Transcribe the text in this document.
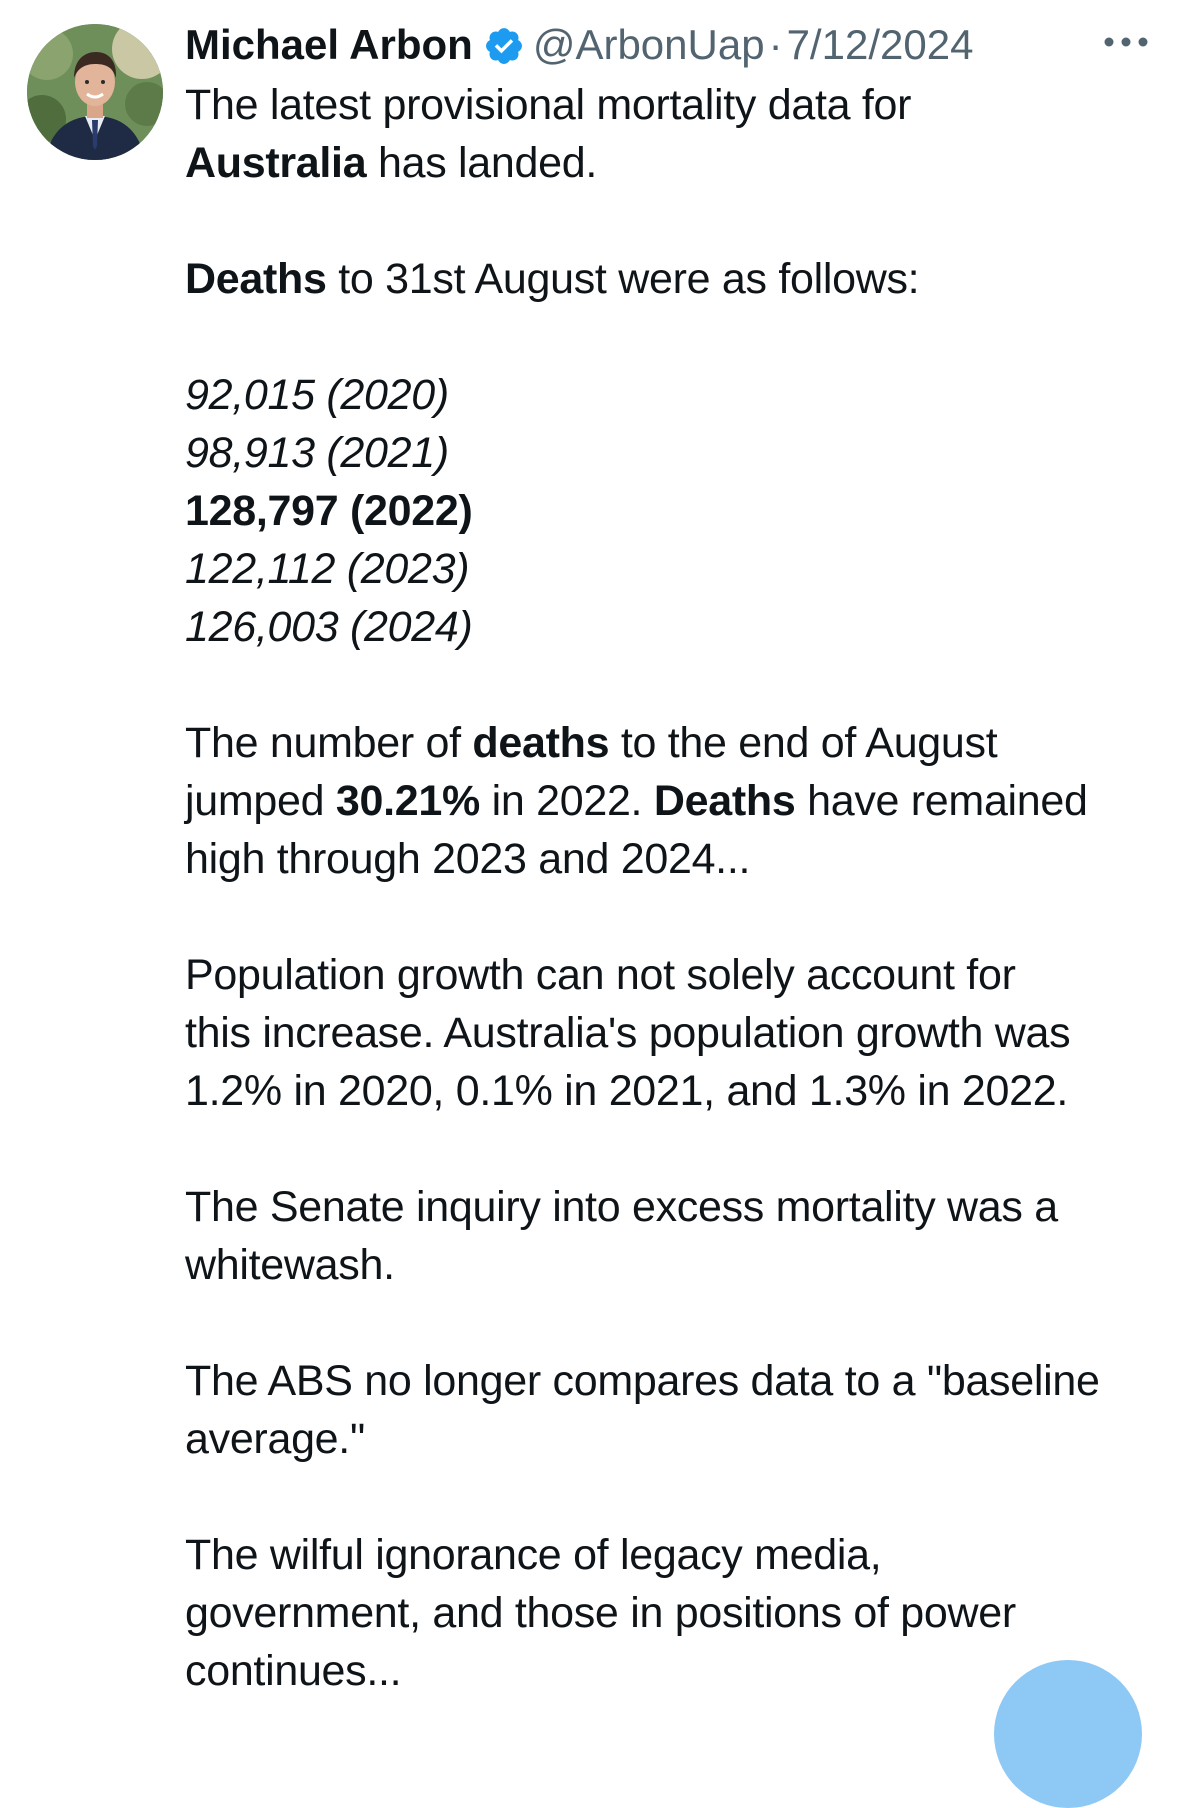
Michael Arbon @ArbonUap · 7/12/2024
The latest provisional mortality data for
Australia has landed.
Deaths to 31st August were as follows:
92,015 (2020)
98,913 (2021)
128,797 (2022)
122,112 (2023)
126,003 (2024)
The number of deaths to the end of August
jumped 30.21% in 2022. Deaths have remained
high through 2023 and 2024...
Population growth can not solely account for
this increase. Australia's population growth was
1.2% in 2020, 0.1% in 2021, and 1.3% in 2022.
The Senate inquiry into excess mortality was a
whitewash.
The ABS no longer compares data to a "baseline
average."
The wilful ignorance of legacy media,
government, and those in positions of power
continues...
